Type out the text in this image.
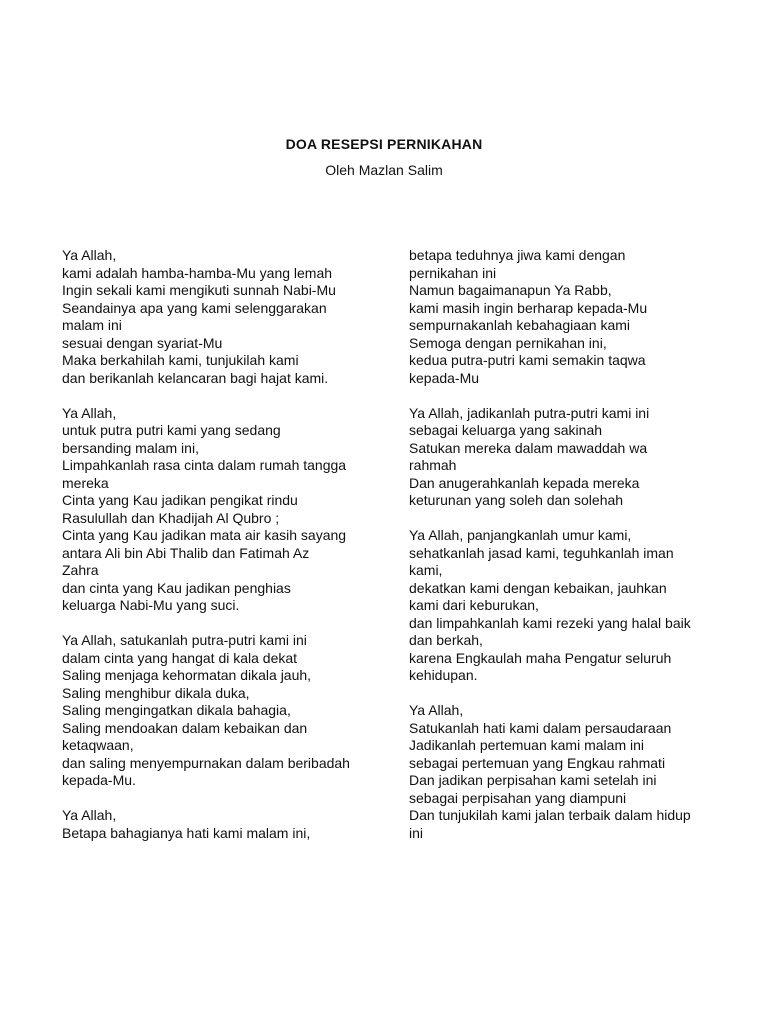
DOA RESEPSI PERNIKAHAN
Oleh Mazlan Salim
Ya Allah,
kami adalah hamba-hamba-Mu yang lemah
Ingin sekali kami mengikuti sunnah Nabi-Mu
Seandainya apa yang kami selenggarakan
malam ini
sesuai dengan syariat-Mu
Maka berkahilah kami, tunjukilah kami
dan berikanlah kelancaran bagi hajat kami.
Ya Allah,
untuk putra putri kami yang sedang
bersanding malam ini,
Limpahkanlah rasa cinta dalam rumah tangga
mereka
Cinta yang Kau jadikan pengikat rindu
Rasulullah dan Khadijah Al Qubro ;
Cinta yang Kau jadikan mata air kasih sayang
antara Ali bin Abi Thalib dan Fatimah Az
Zahra
dan cinta yang Kau jadikan penghias
keluarga Nabi-Mu yang suci.
Ya Allah, satukanlah putra-putri kami ini
dalam cinta yang hangat di kala dekat
Saling menjaga kehormatan dikala jauh,
Saling menghibur dikala duka,
Saling mengingatkan dikala bahagia,
Saling mendoakan dalam kebaikan dan
ketaqwaan,
dan saling menyempurnakan dalam beribadah
kepada-Mu.
Ya Allah,
Betapa bahagianya hati kami malam ini,
betapa teduhnya jiwa kami dengan
pernikahan ini
Namun bagaimanapun Ya Rabb,
kami masih ingin berharap kepada-Mu
sempurnakanlah kebahagiaan kami
Semoga dengan pernikahan ini,
kedua putra-putri kami semakin taqwa
kepada-Mu
Ya Allah, jadikanlah putra-putri kami ini
sebagai keluarga yang sakinah
Satukan mereka dalam mawaddah wa
rahmah
Dan anugerahkanlah kepada mereka
keturunan yang soleh dan solehah
Ya Allah, panjangkanlah umur kami,
sehatkanlah jasad kami, teguhkanlah iman
kami,
dekatkan kami dengan kebaikan, jauhkan
kami dari keburukan,
dan limpahkanlah kami rezeki yang halal baik
dan berkah,
karena Engkaulah maha Pengatur seluruh
kehidupan.
Ya Allah,
Satukanlah hati kami dalam persaudaraan
Jadikanlah pertemuan kami malam ini
sebagai pertemuan yang Engkau rahmati
Dan jadikan perpisahan kami setelah ini
sebagai perpisahan yang diampuni
Dan tunjukilah kami jalan terbaik dalam hidup
ini
